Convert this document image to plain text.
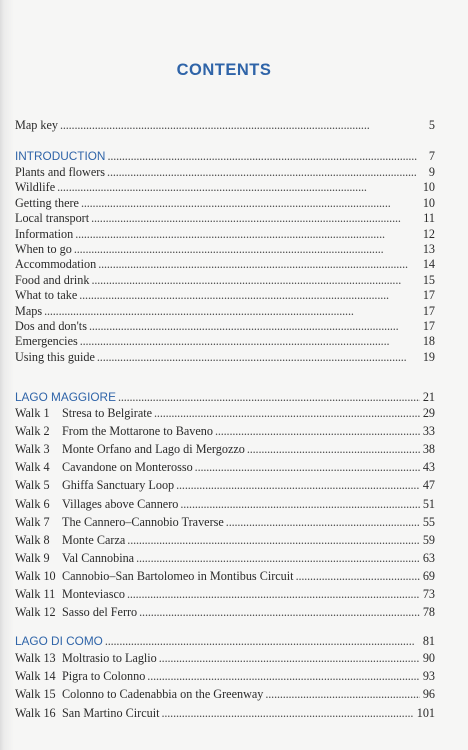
CONTENTS
Map key . . .	5
INTRODUCTION . . .	7
Plants and flowers . . .	9
Wildlife . . .	10
Getting there . . .	10
Local transport . . .	11
Information . . .	12
When to go . . .	13
Accommodation . . .	14
Food and drink . . .	15
What to take . . .	17
Maps . . .	17
Dos and don'ts . . .	17
Emergencies . . .	18
Using this guide . . .	19
LAGO MAGGIORE . . .	21
Walk 1	Stresa to Belgirate . . .	29
Walk 2	From the Mottarone to Baveno . . .	33
Walk 3	Monte Orfano and Lago di Mergozzo . . .	38
Walk 4	Cavandone on Monterosso . . .	43
Walk 5	Ghiffa Sanctuary Loop . . .	47
Walk 6	Villages above Cannero . . .	51
Walk 7	The Cannero–Cannobio Traverse . . .	55
Walk 8	Monte Carza . . .	59
Walk 9	Val Cannobina . . .	63
Walk 10 Cannobio–San Bartolomeo in Montibus Circuit . . .	69
Walk 11 Monteviasco . . .	73
Walk 12 Sasso del Ferro . . .	78
LAGO DI COMO . . .	81
Walk 13 Moltrasio to Laglio . . .	90
Walk 14 Pigra to Colonno . . .	93
Walk 15 Colonno to Cadenabbia on the Greenway . . .	96
Walk 16 San Martino Circuit . . .	101
